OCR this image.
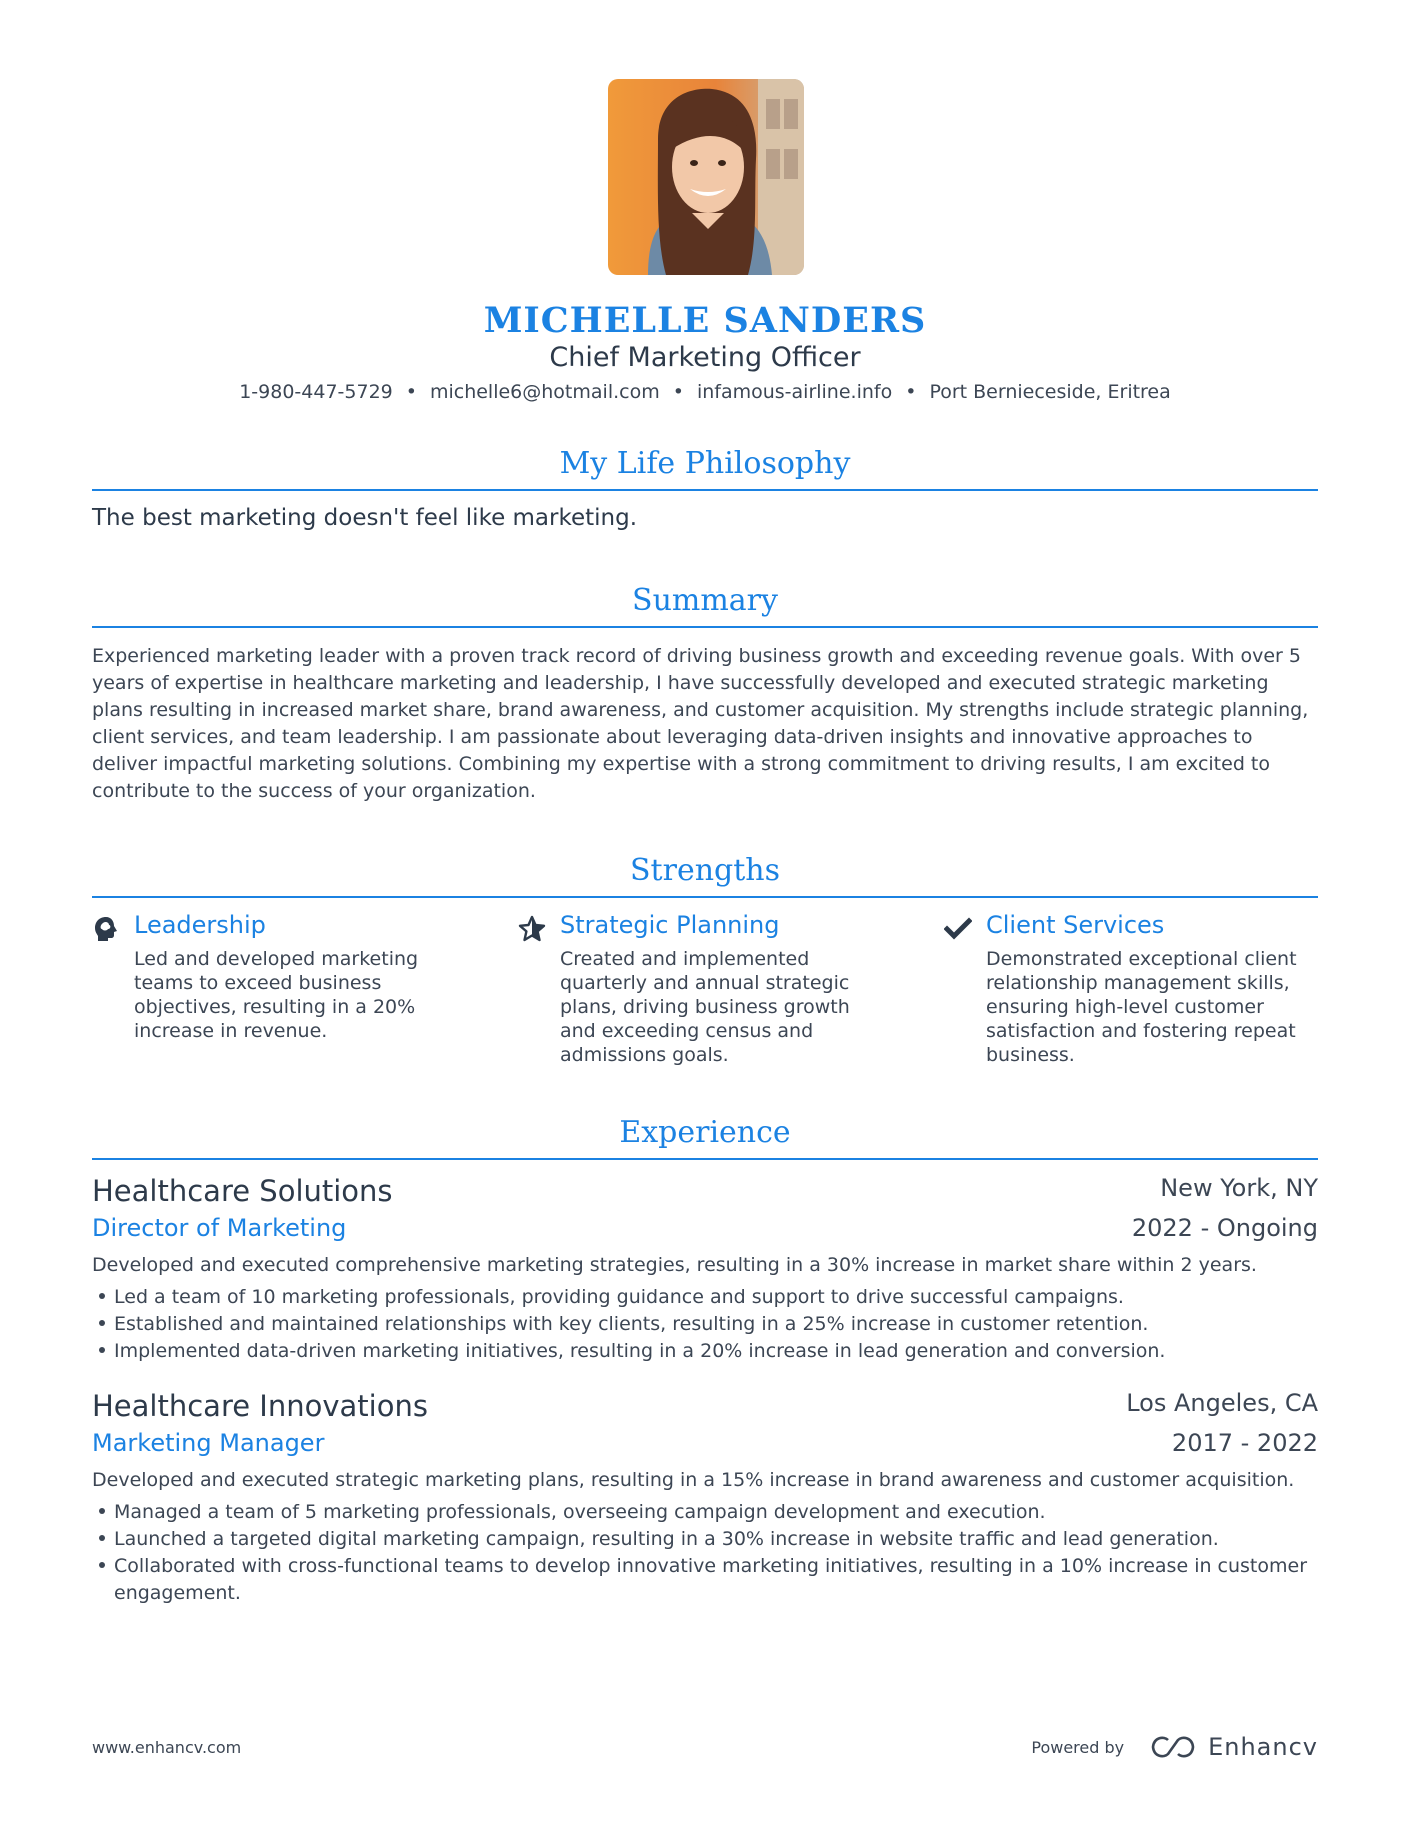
MICHELLE SANDERS
Chief Marketing Officer
1-980-447-5729 • michelle6@hotmail.com • infamous-airline.info • Port Bernieceside, Eritrea
My Life Philosophy
The best marketing doesn't feel like marketing.
Summary
Experienced marketing leader with a proven track record of driving business growth and exceeding revenue goals. With over 5 years of expertise in healthcare marketing and leadership, I have successfully developed and executed strategic marketing plans resulting in increased market share, brand awareness, and customer acquisition. My strengths include strategic planning, client services, and team leadership. I am passionate about leveraging data-driven insights and innovative approaches to deliver impactful marketing solutions. Combining my expertise with a strong commitment to driving results, I am excited to contribute to the success of your organization.
Strengths
Leadership
Led and developed marketing teams to exceed business objectives, resulting in a 20% increase in revenue.
Strategic Planning
Created and implemented quarterly and annual strategic plans, driving business growth and exceeding census and admissions goals.
Client Services
Demonstrated exceptional client relationship management skills, ensuring high-level customer satisfaction and fostering repeat business.
Experience
Healthcare Solutions	New York, NY
Director of Marketing	2022 - Ongoing
Developed and executed comprehensive marketing strategies, resulting in a 30% increase in market share within 2 years.
Led a team of 10 marketing professionals, providing guidance and support to drive successful campaigns.
Established and maintained relationships with key clients, resulting in a 25% increase in customer retention.
Implemented data-driven marketing initiatives, resulting in a 20% increase in lead generation and conversion.
Healthcare Innovations	Los Angeles, CA
Marketing Manager	2017 - 2022
Developed and executed strategic marketing plans, resulting in a 15% increase in brand awareness and customer acquisition.
Managed a team of 5 marketing professionals, overseeing campaign development and execution.
Launched a targeted digital marketing campaign, resulting in a 30% increase in website traffic and lead generation.
Collaborated with cross-functional teams to develop innovative marketing initiatives, resulting in a 10% increase in customer engagement.
www.enhancv.com	Powered by	Enhancv
